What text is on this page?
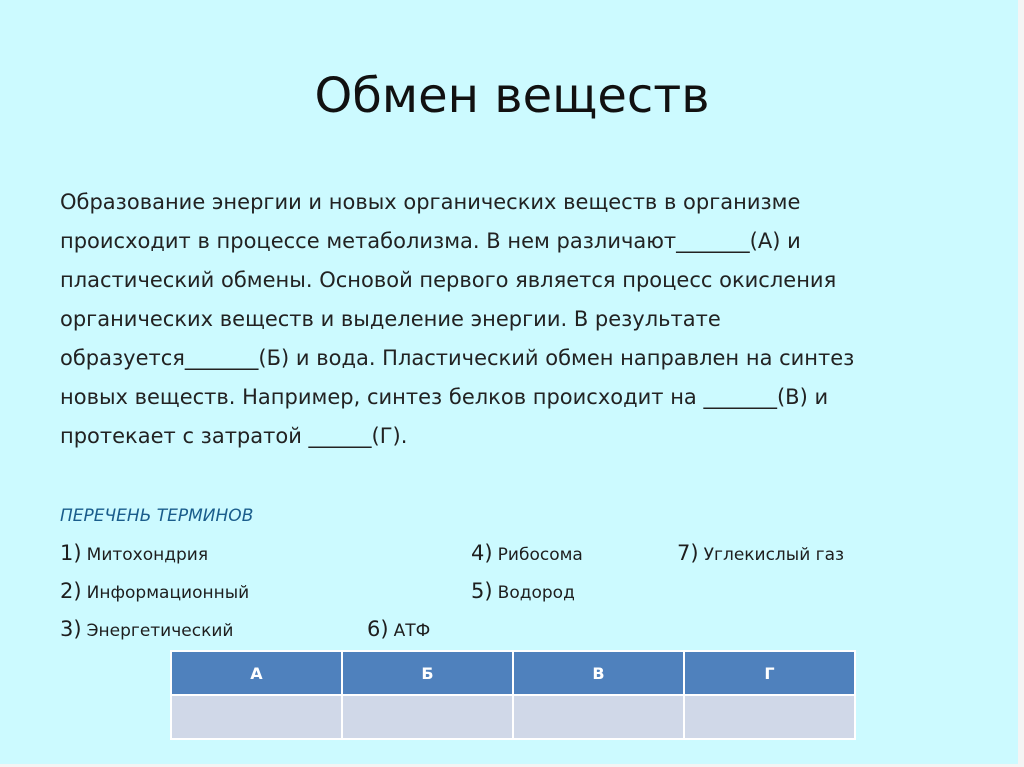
Обмен веществ
Образование энергии и новых органических веществ в организме
происходит в процессе метаболизма. В нем различают_______(А) и
пластический обмены. Основой первого является процесс окисления
органических веществ и выделение энергии. В результате
образуется_______(Б) и вода. Пластический обмен направлен на синтез
новых веществ. Например, синтез белков происходит на _______(В) и
протекает с затратой ______(Г).
ПЕРЕЧЕНЬ ТЕРМИНОВ
1) Митохондрия
2) Информационный
3) Энергетический
4) Рибосома
5) Водород
6) АТФ
7) Углекислый газ
А	Б	В	Г
